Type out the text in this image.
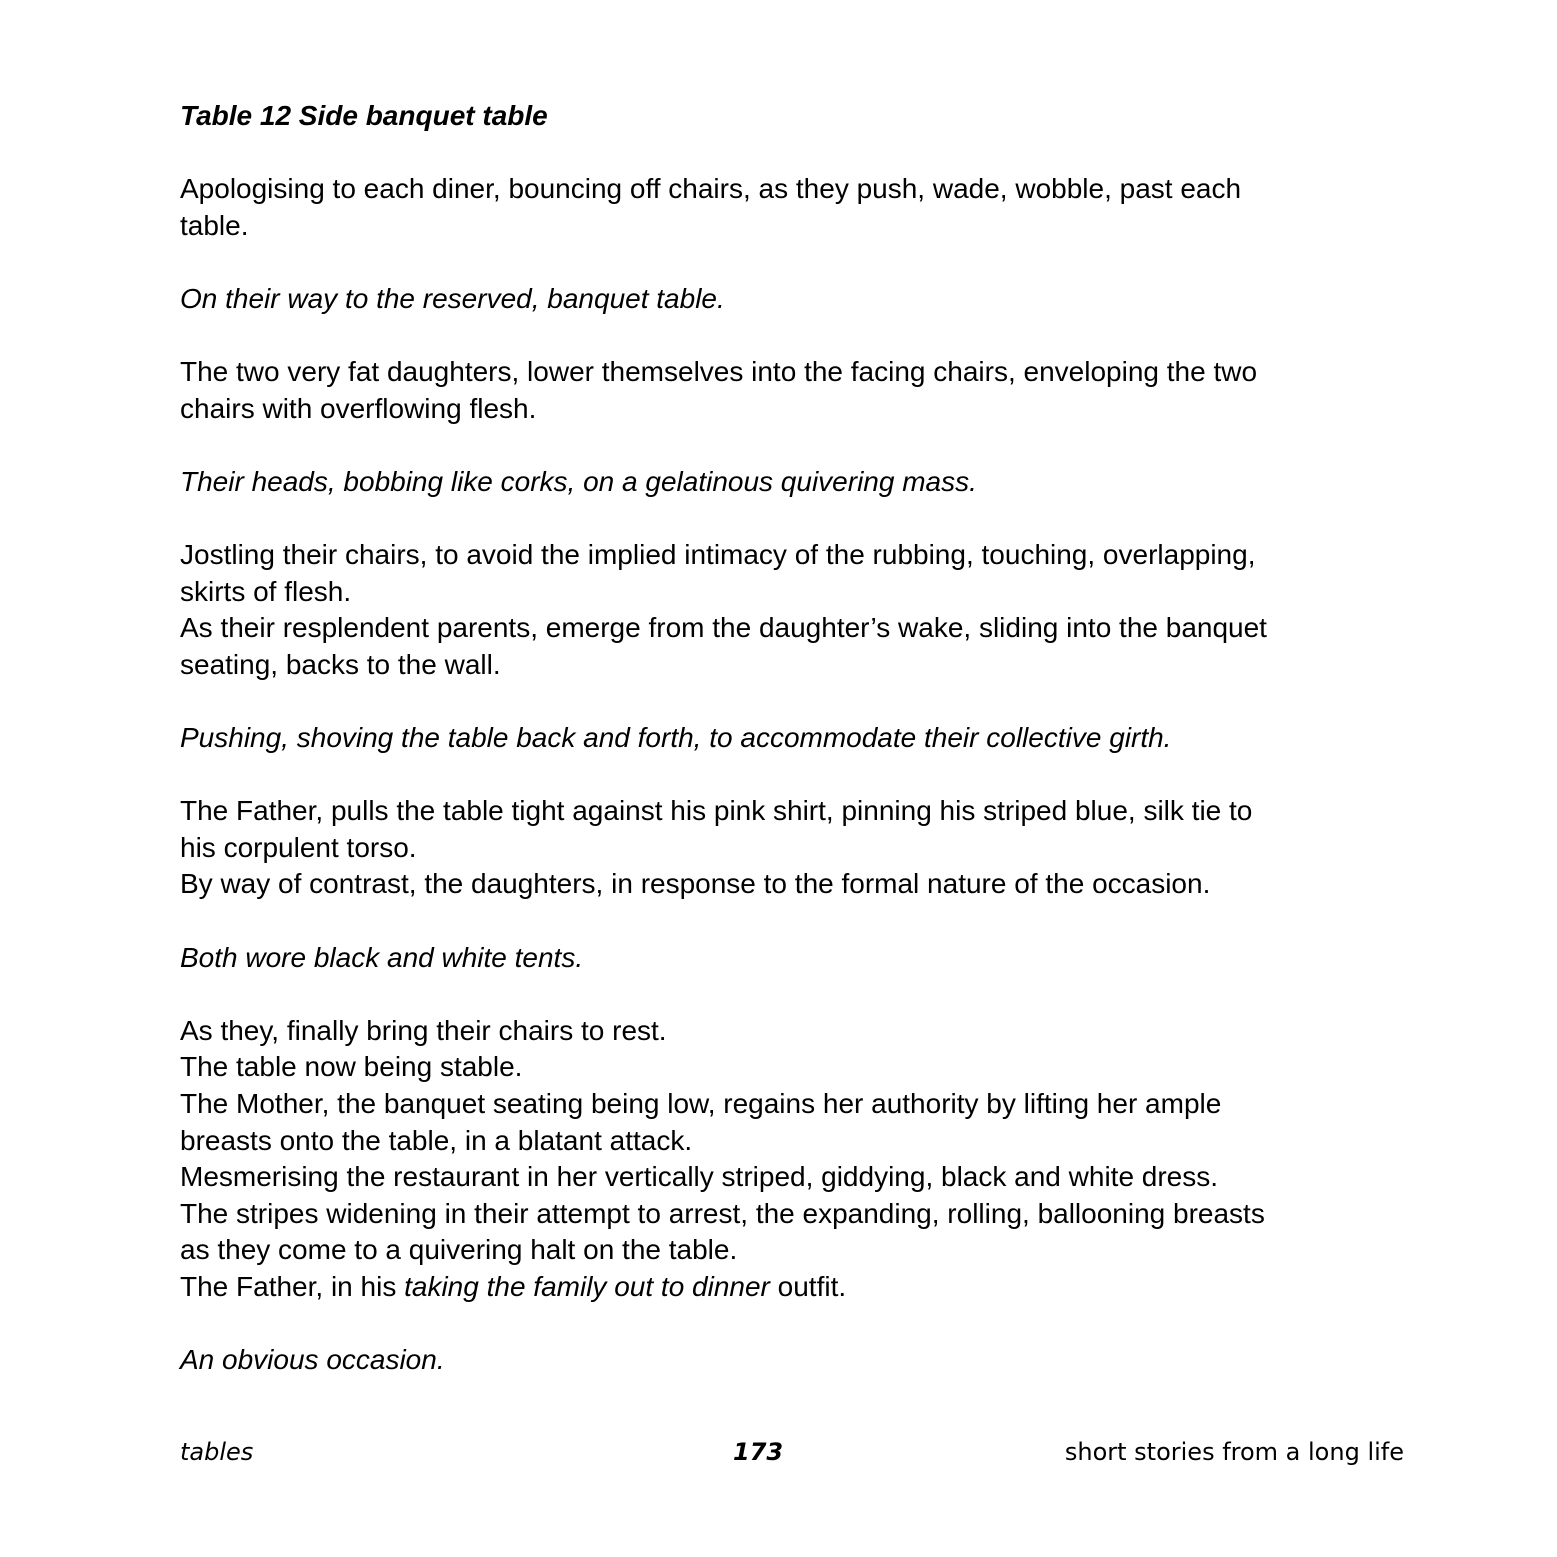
Table 12 Side banquet table

Apologising to each diner, bouncing off chairs, as they push, wade, wobble, past each
table.

On their way to the reserved, banquet table.

The two very fat daughters, lower themselves into the facing chairs, enveloping the two
chairs with overflowing flesh.

Their heads, bobbing like corks, on a gelatinous quivering mass.

Jostling their chairs, to avoid the implied intimacy of the rubbing, touching, overlapping,
skirts of flesh.
As their resplendent parents, emerge from the daughter’s wake, sliding into the banquet
seating, backs to the wall.

Pushing, shoving the table back and forth, to accommodate their collective girth.

The Father, pulls the table tight against his pink shirt, pinning his striped blue, silk tie to
his corpulent torso.
By way of contrast, the daughters, in response to the formal nature of the occasion.

Both wore black and white tents.

As they, finally bring their chairs to rest.
The table now being stable.
The Mother, the banquet seating being low, regains her authority by lifting her ample
breasts onto the table, in a blatant attack.
Mesmerising the restaurant in her vertically striped, giddying, black and white dress.
The stripes widening in their attempt to arrest, the expanding, rolling, ballooning breasts
as they come to a quivering halt on the table.
The Father, in his taking the family out to dinner outfit.

An obvious occasion.

tables	173	short stories from a long life
